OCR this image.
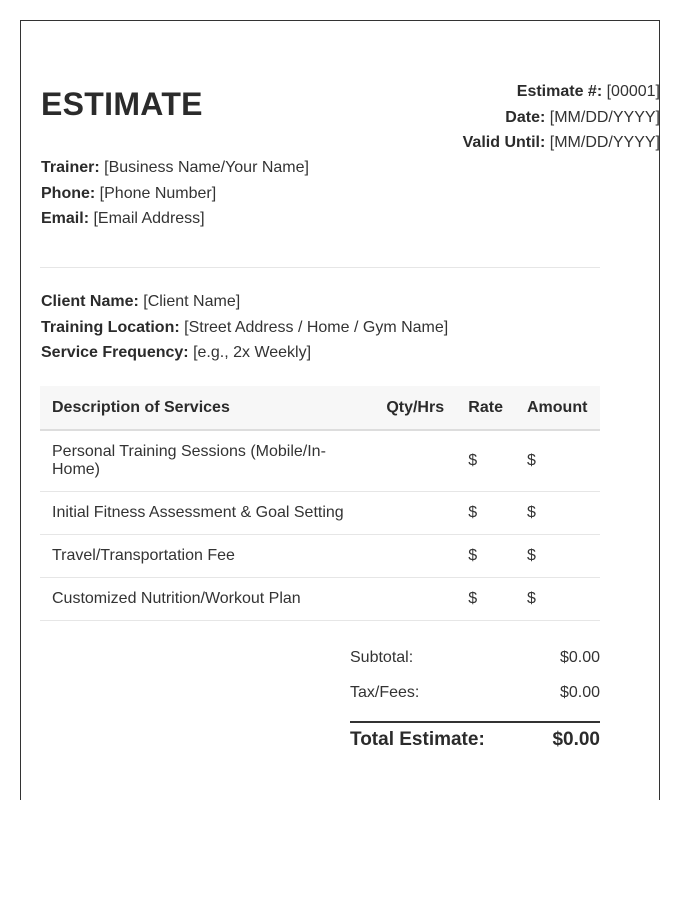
ESTIMATE	Estimate #: [00001]
Date: [MM/DD/YYYY]
Valid Until: [MM/DD/YYYY]
Trainer: [Business Name/Your Name]
Phone: [Phone Number]
Email: [Email Address]
Client Name: [Client Name]
Training Location: [Street Address / Home / Gym Name]
Service Frequency: [e.g., 2x Weekly]
Description of Services	Qty/Hrs	Rate	Amount
Personal Training Sessions (Mobile/In-Home)		$	$
Initial Fitness Assessment & Goal Setting		$	$
Travel/Transportation Fee		$	$
Customized Nutrition/Workout Plan		$	$
Subtotal:	$0.00
Tax/Fees:	$0.00
Total Estimate:	$0.00
